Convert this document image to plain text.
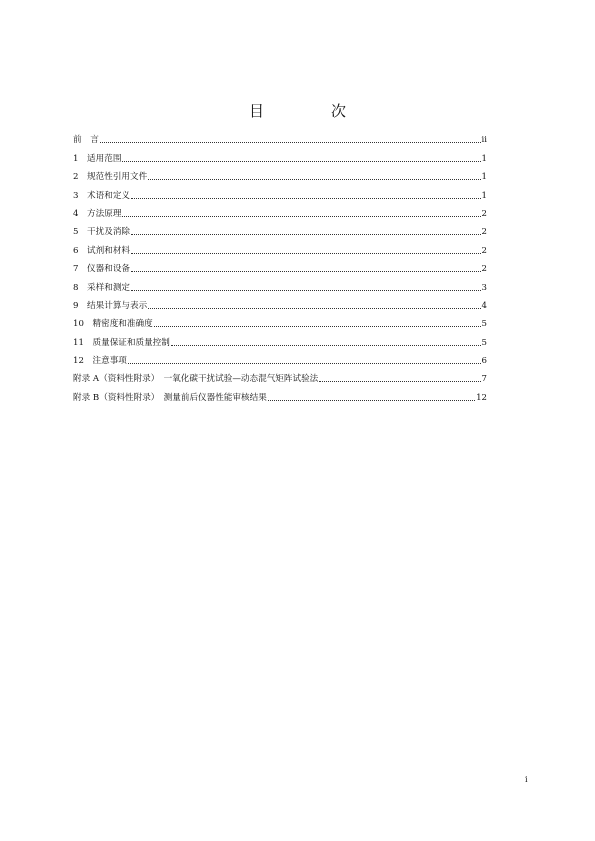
目　次
前　言	ii
1　适用范围	1
2　规范性引用文件	1
3　术语和定义	1
4　方法原理	2
5　干扰及消除	2
6　试剂和材料	2
7　仪器和设备	2
8　采样和测定	3
9　结果计算与表示	4
10　精密度和准确度	5
11　质量保证和质量控制	5
12　注意事项	6
附录 A（资料性附录）　一氧化碳干扰试验—动态混气矩阵试验法	7
附录 B（资料性附录）　测量前后仪器性能审核结果	12
i
